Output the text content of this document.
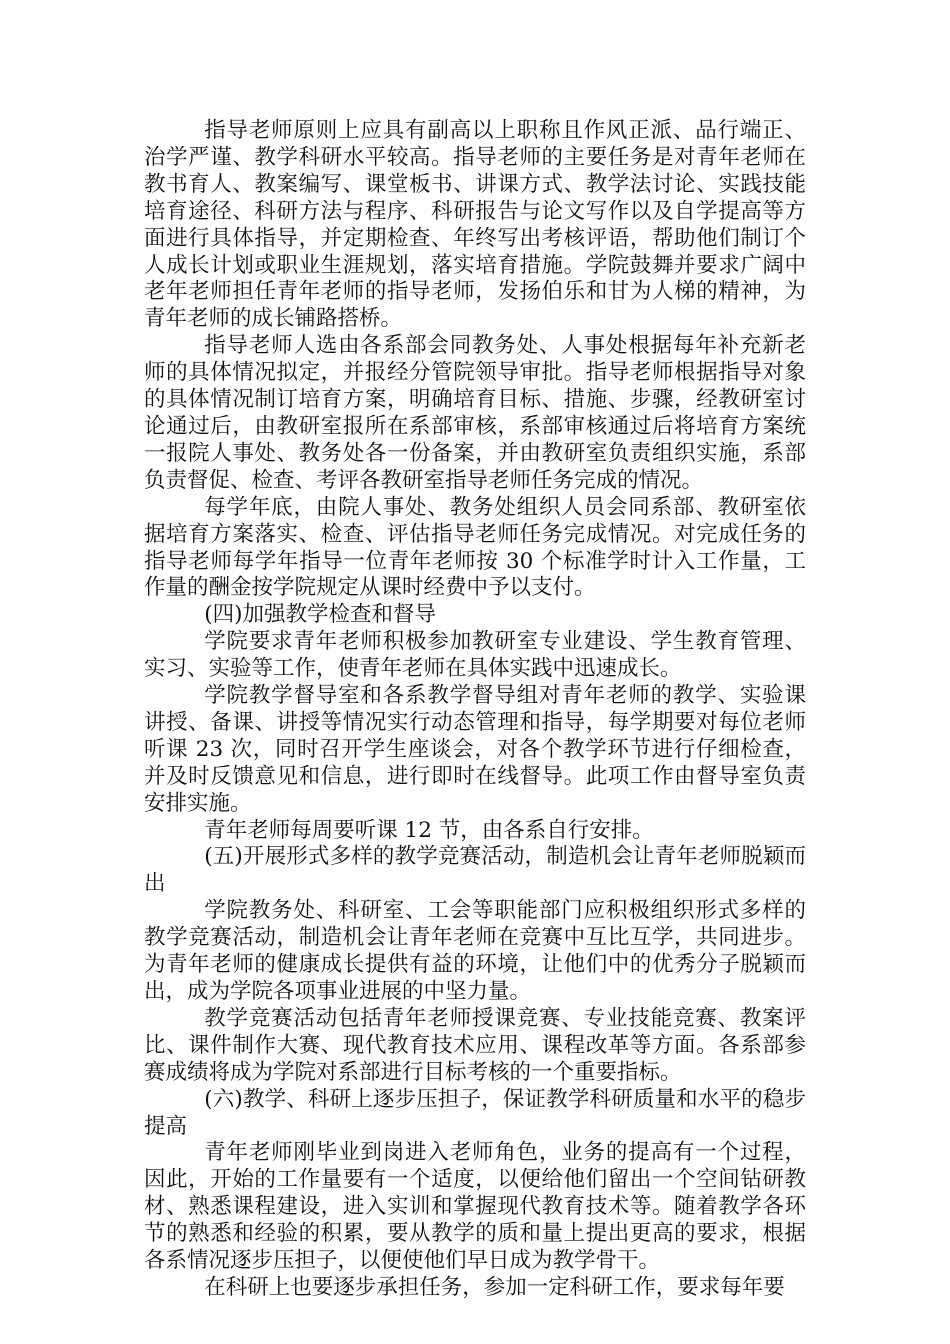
指导老师原则上应具有副高以上职称且作风正派、品行端正、治学严谨、教学科研水平较高。指导老师的主要任务是对青年老师在教书育人、教案编写、课堂板书、讲课方式、教学法讨论、实践技能培育途径、科研方法与程序、科研报告与论文写作以及自学提高等方面进行具体指导，并定期检查、年终写出考核评语，帮助他们制订个人成长计划或职业生涯规划，落实培育措施。学院鼓舞并要求广阔中老年老师担任青年老师的指导老师，发扬伯乐和甘为人梯的精神，为青年老师的成长铺路搭桥。

指导老师人选由各系部会同教务处、人事处根据每年补充新老师的具体情况拟定，并报经分管院领导审批。指导老师根据指导对象的具体情况制订培育方案，明确培育目标、措施、步骤，经教研室讨论通过后，由教研室报所在系部审核，系部审核通过后将培育方案统一报院人事处、教务处各一份备案，并由教研室负责组织实施，系部负责督促、检查、考评各教研室指导老师任务完成的情况。

每学年底，由院人事处、教务处组织人员会同系部、教研室依据培育方案落实、检查、评估指导老师任务完成情况。对完成任务的指导老师每学年指导一位青年老师按 30 个标准学时计入工作量，工作量的酬金按学院规定从课时经费中予以支付。

(四)加强教学检查和督导

学院要求青年老师积极参加教研室专业建设、学生教育管理、实习、实验等工作，使青年老师在具体实践中迅速成长。

学院教学督导室和各系教学督导组对青年老师的教学、实验课讲授、备课、讲授等情况实行动态管理和指导，每学期要对每位老师听课 23 次，同时召开学生座谈会，对各个教学环节进行仔细检查，并及时反馈意见和信息，进行即时在线督导。此项工作由督导室负责安排实施。

青年老师每周要听课 12 节，由各系自行安排。

(五)开展形式多样的教学竞赛活动，制造机会让青年老师脱颖而出

学院教务处、科研室、工会等职能部门应积极组织形式多样的教学竞赛活动，制造机会让青年老师在竞赛中互比互学，共同进步。为青年老师的健康成长提供有益的环境，让他们中的优秀分子脱颖而出，成为学院各项事业进展的中坚力量。

教学竞赛活动包括青年老师授课竞赛、专业技能竞赛、教案评比、课件制作大赛、现代教育技术应用、课程改革等方面。各系部参赛成绩将成为学院对系部进行目标考核的一个重要指标。

(六)教学、科研上逐步压担子，保证教学科研质量和水平的稳步提高

青年老师刚毕业到岗进入老师角色，业务的提高有一个过程，因此，开始的工作量要有一个适度，以便给他们留出一个空间钻研教材、熟悉课程建设，进入实训和掌握现代教育技术等。随着教学各环节的熟悉和经验的积累，要从教学的质和量上提出更高的要求，根据各系情况逐步压担子，以便使他们早日成为教学骨干。

在科研上也要逐步承担任务，参加一定科研工作，要求每年要
